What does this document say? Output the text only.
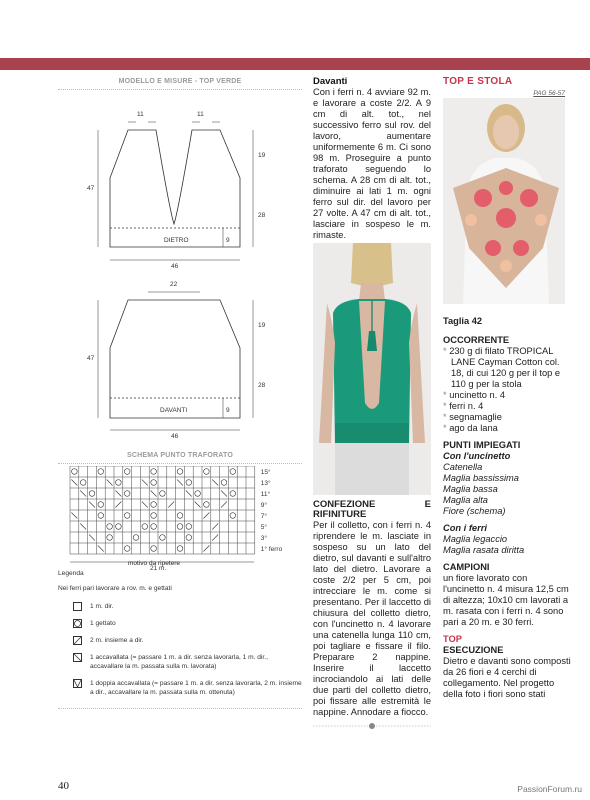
MODELLO E MISURE - TOP VERDE
11	11
47
19
28
9
DIETRO
46
22
47
19
28
9
DAVANTI
46
SCHEMA PUNTO TRAFORATO
15°
13°
11°
9°
7°
5°
3°
1° ferro
21 m.
motivo da ripetere
Legenda
Nei ferri pari lavorare a rov. m. e gettati
1 m. dir.
1 gettato
2 m. insieme a dir.
1 accavallata (= passare 1 m. a dir. senza lavorarla, 1 m. dir., accavallare la m. passata sulla m. lavorata)
1 doppia accavallata (= passare 1 m. a dir. senza lavorarla, 2 m. insieme a dir., accavallare la m. passata sulla m. ottenuta)
Davanti

Con i ferri n. 4 avviare 92 m. e lavorare a coste 2/2. A 9 cm di alt. tot., nel successivo ferro sul rov. del lavoro, aumentare uniformemente 6 m. Ci sono 98 m. Proseguire a punto traforato seguendo lo schema. A 28 cm di alt. tot., diminuire ai lati 1 m. ogni ferro sul dir. del lavoro per 27 volte. A 47 cm di alt. tot., lasciare in sospeso le m. rimaste.

CONFEZIONE E RIFINITURE

Per il colletto, con i ferri n. 4 riprendere le m. lasciate in sospeso su un lato del dietro, sul davanti e sull'altro lato del dietro. Lavorare a coste 2/2 per 5 cm, poi intrecciare le m. come si presentano. Per il laccetto di chiusura del colletto dietro, con l'uncinetto n. 4 lavorare una catenella lunga 110 cm, poi tagliare e fissare il filo. Preparare 2 nappine. Inserire il laccetto incrociandolo ai lati delle due parti del colletto dietro, poi fissare alle estremità le nappine. Annodare a fiocco.

TOP E STOLA
PAG 56-57
Taglia 42
OCCORRENTE
* 230 g di filato TROPICAL LANE Cayman Cotton col. 18, di cui 120 g per il top e 110 g per la stola
* uncinetto n. 4
* ferri n. 4
* segnamaglie
* ago da lana
PUNTI IMPIEGATI
Con l'uncinetto
Catenella
Maglia bassissima
Maglia bassa
Maglia alta
Fiore (schema)
Con i ferri
Maglia legaccio
Maglia rasata diritta
CAMPIONI

un fiore lavorato con l'uncinetto n. 4 misura 12,5 cm di altezza; 10x10 cm lavorati a m. rasata con i ferri n. 4 sono pari a 20 m. e 30 ferri.

TOP
ESECUZIONE

Dietro e davanti sono composti da 26 fiori e 4 cerchi di collegamento. Nel progetto della foto i fiori sono stati

40	PassionForum.ru
